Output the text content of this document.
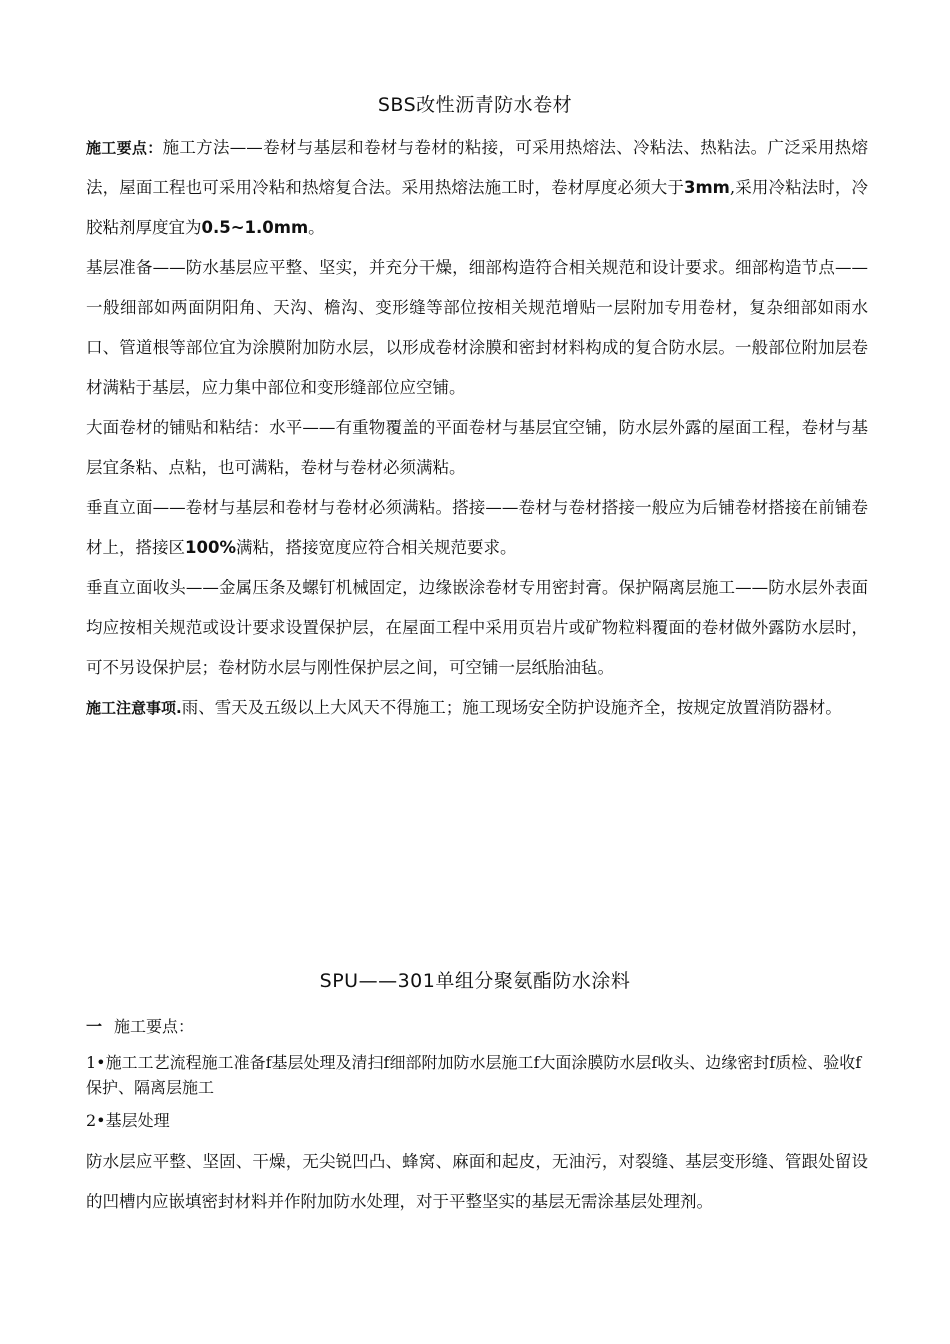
SBS改性沥青防水卷材

施工要点：施工方法——卷材与基层和卷材与卷材的粘接，可采用热熔法、冷粘法、热粘法。广泛采用热熔法，屋面工程也可采用冷粘和热熔复合法。采用热熔法施工时，卷材厚度必须大于3mm,采用冷粘法时，冷胶粘剂厚度宜为0.5~1.0mm。

基层准备——防水基层应平整、坚实，并充分干燥，细部构造符合相关规范和设计要求。细部构造节点——一般细部如两面阴阳角、天沟、檐沟、变形缝等部位按相关规范增贴一层附加专用卷材，复杂细部如雨水口、管道根等部位宜为涂膜附加防水层，以形成卷材涂膜和密封材料构成的复合防水层。一般部位附加层卷材满粘于基层，应力集中部位和变形缝部位应空铺。

大面卷材的铺贴和粘结：水平——有重物覆盖的平面卷材与基层宜空铺，防水层外露的屋面工程，卷材与基层宜条粘、点粘，也可满粘，卷材与卷材必须满粘。

垂直立面——卷材与基层和卷材与卷材必须满粘。搭接——卷材与卷材搭接一般应为后铺卷材搭接在前铺卷材上，搭接区100%满粘，搭接宽度应符合相关规范要求。

垂直立面收头——金属压条及螺钉机械固定，边缘嵌涂卷材专用密封膏。保护隔离层施工——防水层外表面均应按相关规范或设计要求设置保护层，在屋面工程中采用页岩片或矿物粒料覆面的卷材做外露防水层时，可不另设保护层；卷材防水层与刚性保护层之间，可空铺一层纸胎油毡。

施工注意事项.雨、雪天及五级以上大风天不得施工；施工现场安全防护设施齐全，按规定放置消防器材。

SPU——301单组分聚氨酯防水涂料

一 施工要点：

1•施工工艺流程施工准备f基层处理及清扫f细部附加防水层施工f大面涂膜防水层f收头、边缘密封f质检、验收f保护、隔离层施工

2•基层处理

防水层应平整、坚固、干燥，无尖锐凹凸、蜂窝、麻面和起皮，无油污，对裂缝、基层变形缝、管跟处留设的凹槽内应嵌填密封材料并作附加防水处理，对于平整坚实的基层无需涂基层处理剂。
